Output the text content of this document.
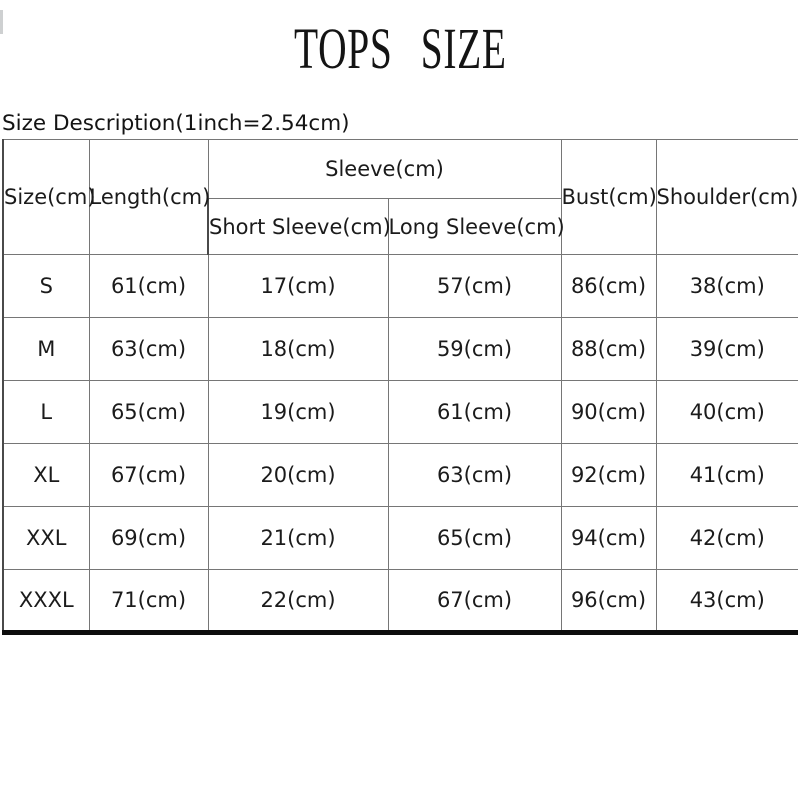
TOPS SIZE
Size Description(1inch=2.54cm)
Size(cm)	Length(cm)	Sleeve(cm)		Bust(cm)	Shoulder(cm)
		Short Sleeve(cm)	Long Sleeve(cm)		
S	61(cm)	17(cm)	57(cm)	86(cm)	38(cm)
M	63(cm)	18(cm)	59(cm)	88(cm)	39(cm)
L	65(cm)	19(cm)	61(cm)	90(cm)	40(cm)
XL	67(cm)	20(cm)	63(cm)	92(cm)	41(cm)
XXL	69(cm)	21(cm)	65(cm)	94(cm)	42(cm)
XXXL	71(cm)	22(cm)	67(cm)	96(cm)	43(cm)
